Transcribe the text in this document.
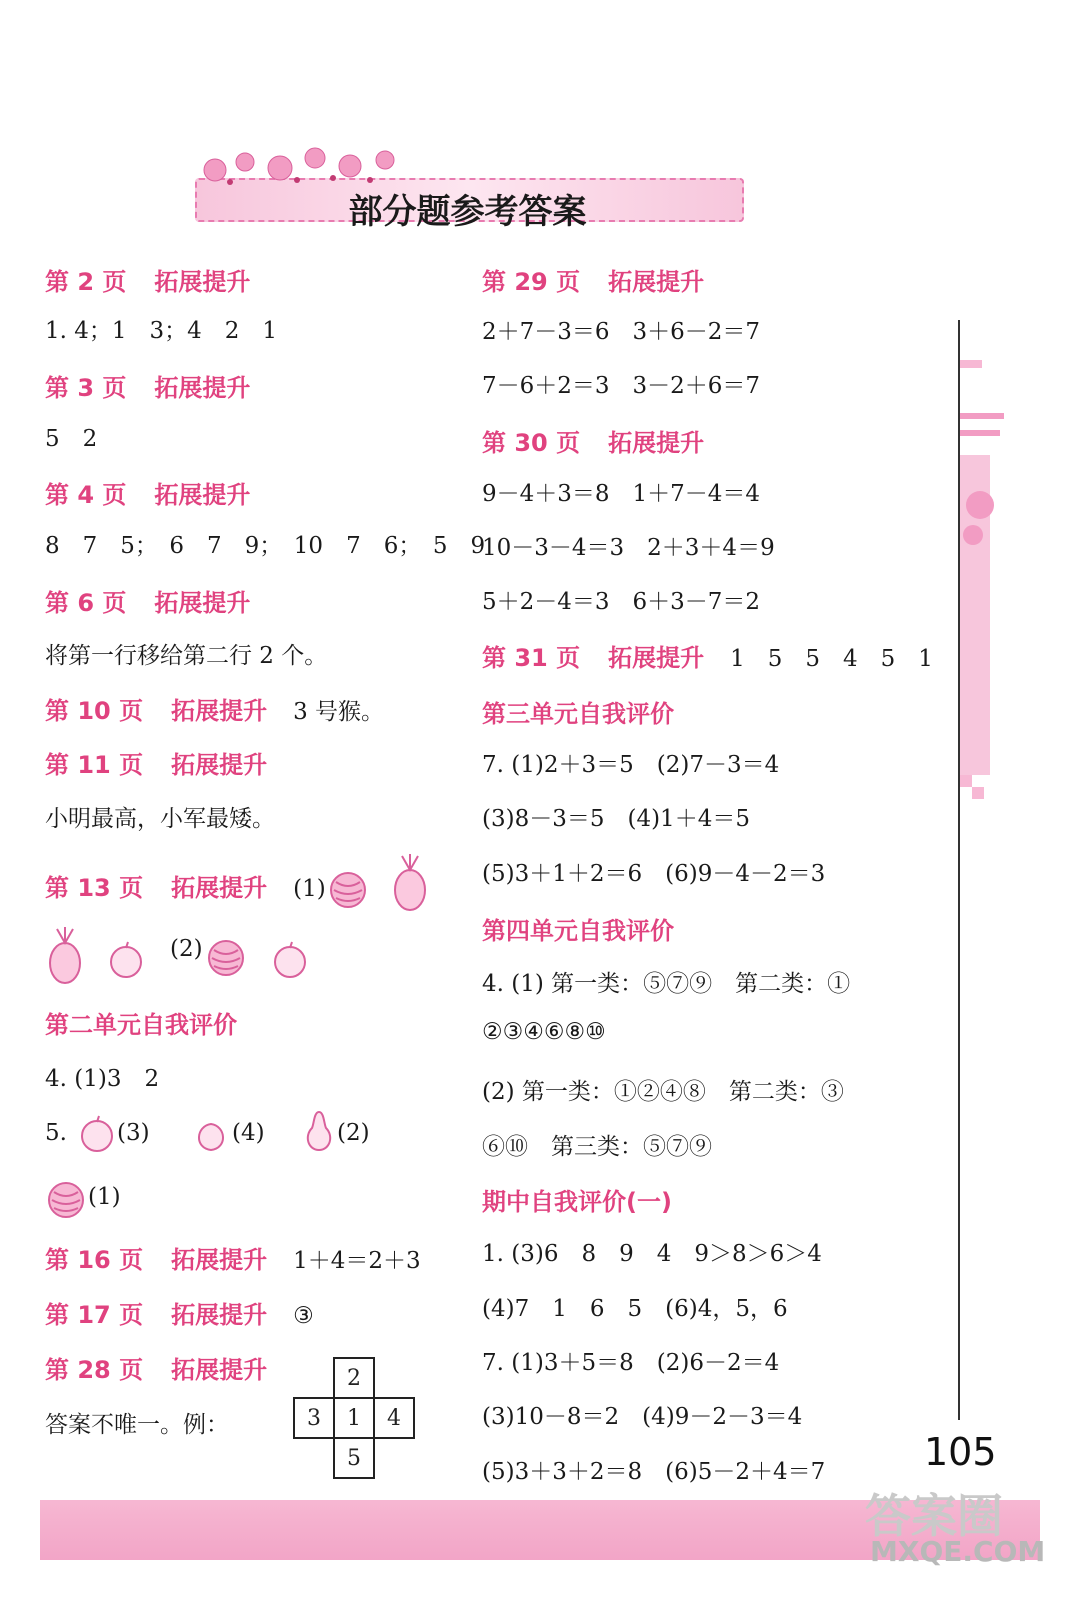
部分题参考答案
第 2 页 拓展提升
1. 4；1　3；4　2　1
第 3 页 拓展提升
5　2
第 4 页 拓展提升
8　7　5；　6　7　9；　10　7　6；　5　9
第 6 页 拓展提升
将第一行移给第二行 2 个。
第 10 页 拓展提升 3 号猴。
第 11 页 拓展提升
小明最高，小军最矮。
第 13 页 拓展提升 (1)
(2)
第二单元自我评价
4. (1)3　2
5. (3)	(4)	(2)
(1)
第 16 页 拓展提升 1＋4＝2＋3
第 17 页 拓展提升 ③
第 28 页 拓展提升
答案不唯一。例：
	2	
3	1	4
	5	
第 29 页 拓展提升
2＋7－3＝6　3＋6－2＝7
7－6＋2＝3　3－2＋6＝7
第 30 页 拓展提升
9－4＋3＝8　1＋7－4＝4
10－3－4＝3　2＋3＋4＝9
5＋2－4＝3　6＋3－7＝2
第 31 页 拓展提升 1　5　5　4　5　1
第三单元自我评价
7. (1)2＋3＝5　(2)7－3＝4
(3)8－3＝5　(4)1＋4＝5
(5)3＋1＋2＝6　(6)9－4－2＝3
第四单元自我评价
4. (1) 第一类：⑤⑦⑨　第二类：①
②③④⑥⑧⑩
(2) 第一类：①②④⑧　第二类：③
⑥⑩　第三类：⑤⑦⑨
期中自我评价(一)
1. (3)6　8　9　4　9＞8＞6＞4
(4)7　1　6　5　(6)4，5，6
7. (1)3＋5＝8　(2)6－2＝4
(3)10－8＝2　(4)9－2－3＝4
(5)3＋3＋2＝8　(6)5－2＋4＝7	105
答案圈
MXQE.COM
